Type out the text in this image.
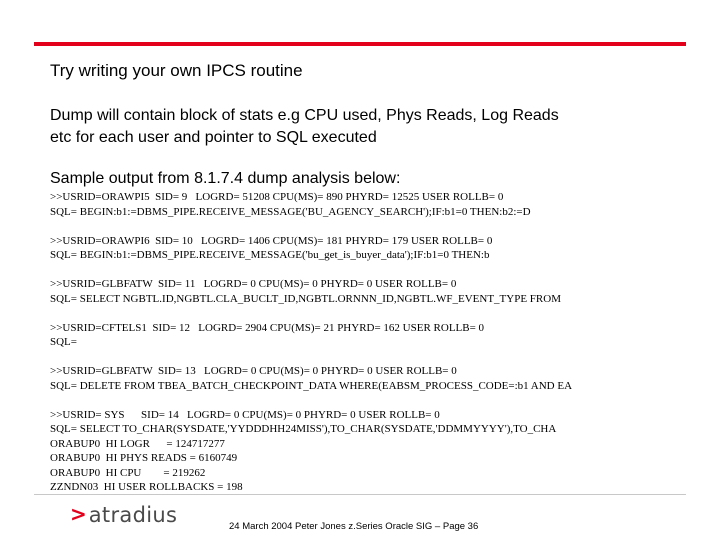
Try writing your own IPCS routine
Dump will contain block of stats e.g CPU used, Phys Reads, Log Reads
etc for each user and pointer to SQL executed
Sample output from 8.1.7.4 dump analysis below:
>>USRID=ORAWPI5  SID= 9   LOGRD= 51208 CPU(MS)= 890 PHYRD= 12525 USER ROLLB= 0
SQL= BEGIN:b1:=DBMS_PIPE.RECEIVE_MESSAGE('BU_AGENCY_SEARCH');IF:b1=0 THEN:b2:=D
>>USRID=ORAWPI6  SID= 10   LOGRD= 1406 CPU(MS)= 181 PHYRD= 179 USER ROLLB= 0
SQL= BEGIN:b1:=DBMS_PIPE.RECEIVE_MESSAGE('bu_get_is_buyer_data');IF:b1=0 THEN:b
>>USRID=GLBFATW  SID= 11   LOGRD= 0 CPU(MS)= 0 PHYRD= 0 USER ROLLB= 0
SQL= SELECT NGBTL.ID,NGBTL.CLA_BUCLT_ID,NGBTL.ORNNN_ID,NGBTL.WF_EVENT_TYPE FROM
>>USRID=CFTELS1  SID= 12   LOGRD= 2904 CPU(MS)= 21 PHYRD= 162 USER ROLLB= 0
SQL=
>>USRID=GLBFATW  SID= 13   LOGRD= 0 CPU(MS)= 0 PHYRD= 0 USER ROLLB= 0
SQL= DELETE FROM TBEA_BATCH_CHECKPOINT_DATA WHERE(EABSM_PROCESS_CODE=:b1 AND EA
>>USRID= SYS      SID= 14   LOGRD= 0 CPU(MS)= 0 PHYRD= 0 USER ROLLB= 0
SQL= SELECT TO_CHAR(SYSDATE,'YYDDDHH24MISS'),TO_CHAR(SYSDATE,'DDMMYYYY'),TO_CHA
ORABUP0  HI LOGR      = 124717277
ORABUP0  HI PHYS READS = 6160749
ORABUP0  HI CPU        = 219262
ZZNDN03  HI USER ROLLBACKS = 198
> atradius	24 March 2004 Peter Jones z.Series Oracle SIG – Page 36
